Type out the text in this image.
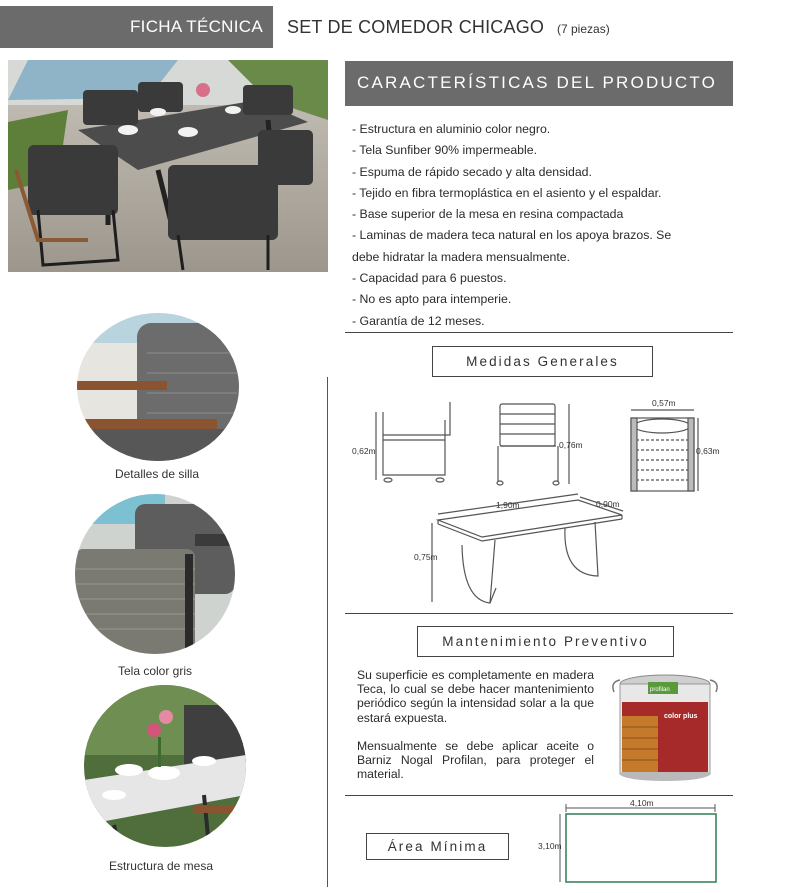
FICHA TÉCNICA SET DE COMEDOR CHICAGO (7 piezas)
Detalles de silla
Tela color gris
Estructura de mesa
CARACTERÍSTICAS DEL PRODUCTO
- Estructura en aluminio color negro.
- Tela Sunfiber 90% impermeable.
- Espuma de rápido secado y alta densidad.
- Tejido en fibra termoplástica en el asiento y el espaldar.
- Base superior de la mesa en resina compactada
- Laminas de madera teca natural en los apoya brazos. Se
debe hidratar la madera mensualmente.
- Capacidad para 6 puestos.
- No es apto para intemperie.
- Garantía de 12 meses.
Medidas Generales
0,62m
0,76m
0,57m
0,63m
1,90m	0,90m
0,75m
Mantenimiento Preventivo

Su superficie es completamente en madera Teca, lo cual se debe hacer mantenimiento periódico según la intensidad solar a la que estará expuesta.

Mensualmente se debe aplicar aceite o Barniz Nogal Profilan, para proteger el material.

profilan
color plus
Área Mínima
4,10m
3,10m
